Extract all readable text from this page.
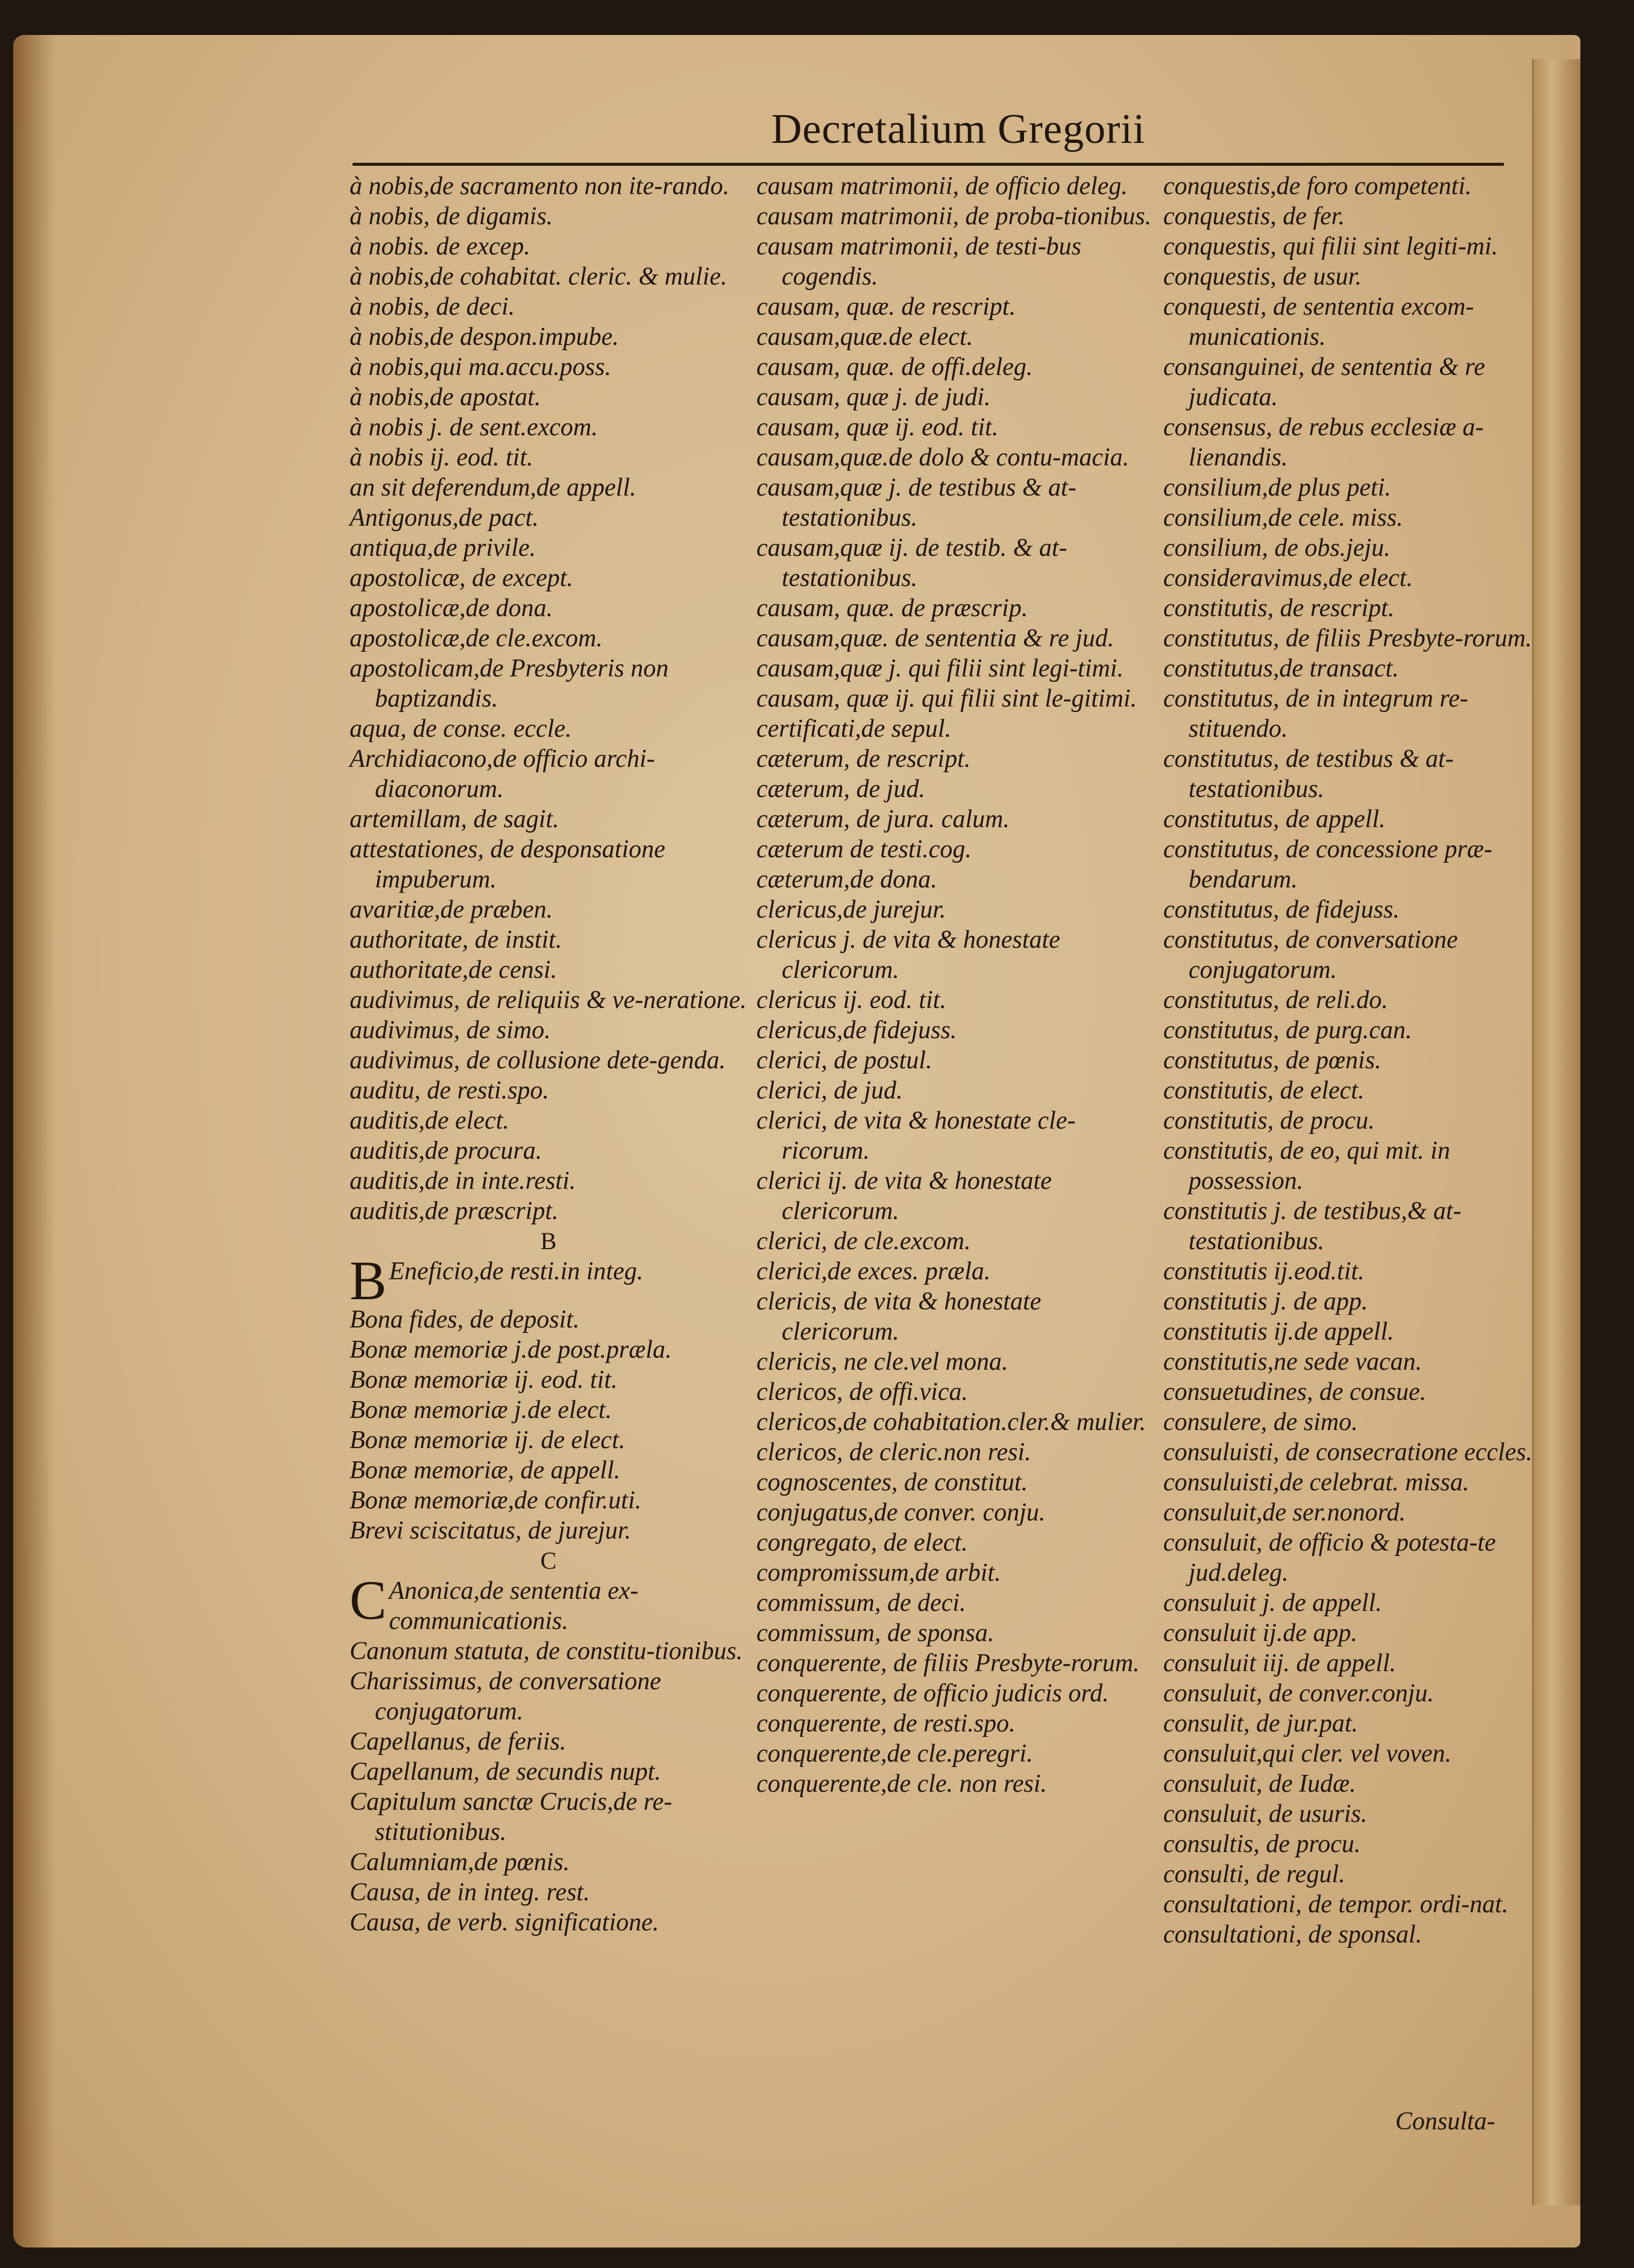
Decretalium Gregorii

à nobis,de sacramento non ite-rando.

à nobis, de digamis.

à nobis. de excep.

à nobis,de cohabitat. cleric. & mulie.

à nobis, de deci.

à nobis,de despon.impube.

à nobis,qui ma.accu.poss.

à nobis,de apostat.

à nobis j. de sent.excom.

à nobis ij. eod. tit.

an sit deferendum,de appell.

Antigonus,de pact.

antiqua,de privile.

apostolicæ, de except.

apostolicæ,de dona.

apostolicæ,de cle.excom.

apostolicam,de Presbyteris non baptizandis.

aqua, de conse. eccle.

Archidiacono,de officio archi-diaconorum.

artemillam, de sagit.

attestationes, de desponsatione impuberum.

avaritiæ,de præben.

authoritate, de instit.

authoritate,de censi.

audivimus, de reliquiis & ve-neratione.

audivimus, de simo.

audivimus, de collusione dete-genda.

auditu, de resti.spo.

auditis,de elect.

auditis,de procura.

auditis,de in inte.resti.

auditis,de præscript.

B

B Eneficio,de resti.in integ.

Bona fides, de deposit.

Bonæ memoriæ j.de post.præla.

Bonæ memoriæ ij. eod. tit.

Bonæ memoriæ j.de elect.

Bonæ memoriæ ij. de elect.

Bonæ memoriæ, de appell.

Bonæ memoriæ,de confir.uti.

Brevi sciscitatus, de jurejur.

C

C Anonica,de sententia ex-communicationis.

Canonum statuta, de constitu-tionibus.

Charissimus, de conversatione conjugatorum.

Capellanus, de feriis.

Capellanum, de secundis nupt.

Capitulum sanctæ Crucis,de re-stitutionibus.

Calumniam,de pœnis.

Causa, de in integ. rest.

Causa, de verb. significatione.

causam matrimonii, de officio deleg.

causam matrimonii, de proba-tionibus.

causam matrimonii, de testi-bus cogendis.

causam, quæ. de rescript.

causam,quæ.de elect.

causam, quæ. de offi.deleg.

causam, quæ j. de judi.

causam, quæ ij. eod. tit.

causam,quæ.de dolo & contu-macia.

causam,quæ j. de testibus & at-testationibus.

causam,quæ ij. de testib. & at-testationibus.

causam, quæ. de præscrip.

causam,quæ. de sententia & re jud.

causam,quæ j. qui filii sint legi-timi.

causam, quæ ij. qui filii sint le-gitimi.

certificati,de sepul.

cæterum, de rescript.

cæterum, de jud.

cæterum, de jura. calum.

cæterum de testi.cog.

cæterum,de dona.

clericus,de jurejur.

clericus j. de vita & honestate clericorum.

clericus ij. eod. tit.

clericus,de fidejuss.

clerici, de postul.

clerici, de jud.

clerici, de vita & honestate cle-ricorum.

clerici ij. de vita & honestate clericorum.

clerici, de cle.excom.

clerici,de exces. præla.

clericis, de vita & honestate clericorum.

clericis, ne cle.vel mona.

clericos, de offi.vica.

clericos,de cohabitation.cler.& mulier.

clericos, de cleric.non resi.

cognoscentes, de constitut.

conjugatus,de conver. conju.

congregato, de elect.

compromissum,de arbit.

commissum, de deci.

commissum, de sponsa.

conquerente, de filiis Presbyte-rorum.

conquerente, de officio judicis ord.

conquerente, de resti.spo.

conquerente,de cle.peregri.

conquerente,de cle. non resi.

conquestis,de foro competenti.

conquestis, de fer.

conquestis, qui filii sint legiti-mi.

conquestis, de usur.

conquesti, de sententia excom-municationis.

consanguinei, de sententia & re judicata.

consensus, de rebus ecclesiæ a-lienandis.

consilium,de plus peti.

consilium,de cele. miss.

consilium, de obs.jeju.

consideravimus,de elect.

constitutis, de rescript.

constitutus, de filiis Presbyte-rorum.

constitutus,de transact.

constitutus, de in integrum re-stituendo.

constitutus, de testibus & at-testationibus.

constitutus, de appell.

constitutus, de concessione præ-bendarum.

constitutus, de fidejuss.

constitutus, de conversatione conjugatorum.

constitutus, de reli.do.

constitutus, de purg.can.

constitutus, de pœnis.

constitutis, de elect.

constitutis, de procu.

constitutis, de eo, qui mit. in possession.

constitutis j. de testibus,& at-testationibus.

constitutis ij.eod.tit.

constitutis j. de app.

constitutis ij.de appell.

constitutis,ne sede vacan.

consuetudines, de consue.

consulere, de simo.

consuluisti, de consecratione eccles.

consuluisti,de celebrat. missa.

consuluit,de ser.nonord.

consuluit, de officio & potesta-te jud.deleg.

consuluit j. de appell.

consuluit ij.de app.

consuluit iij. de appell.

consuluit, de conver.conju.

consulit, de jur.pat.

consuluit,qui cler. vel voven.

consuluit, de Iudæ.

consuluit, de usuris.

consultis, de procu.

consulti, de regul.

consultationi, de tempor. ordi-nat.

consultationi, de sponsal.

Consulta-
